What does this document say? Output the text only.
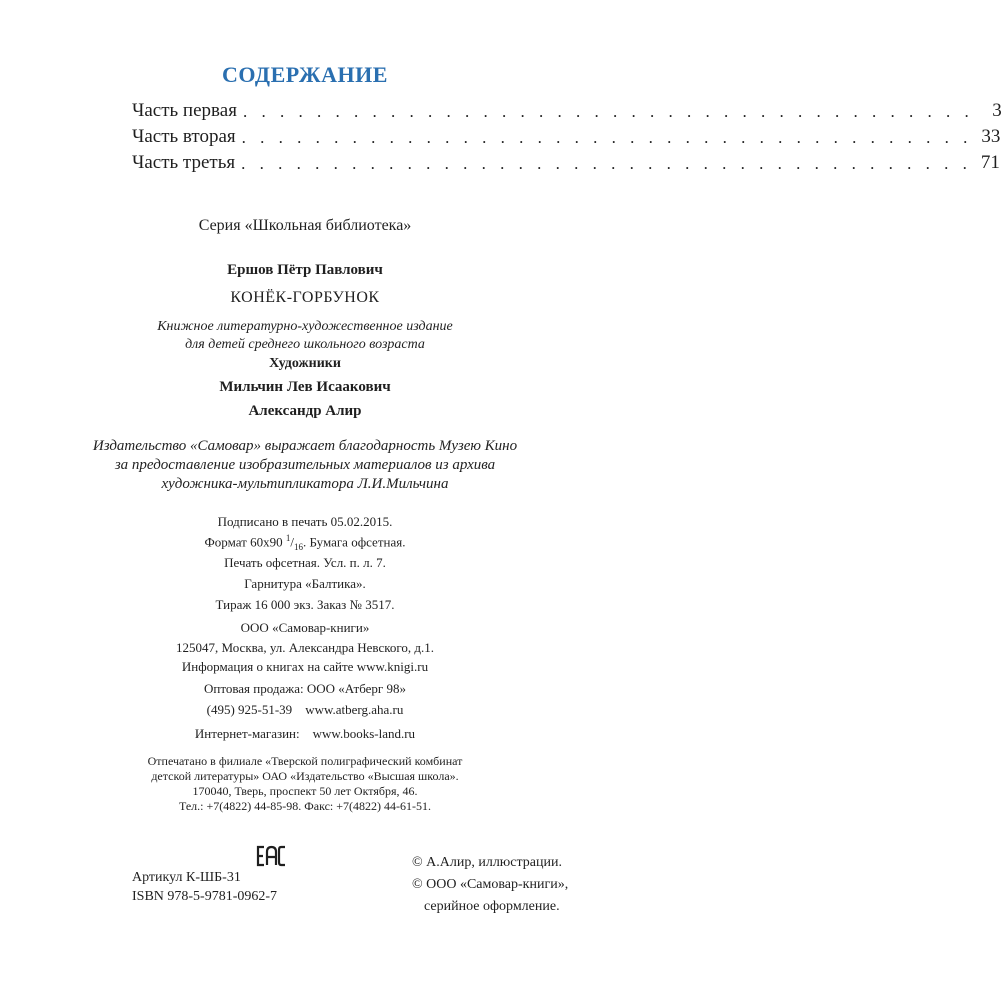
СОДЕРЖАНИЕ
Часть первая . . . . . . . . . . . . . . . . . . . . . . . . . . . . . . . . . . . . . . . . 3
Часть вторая . . . . . . . . . . . . . . . . . . . . . . . . . . . . . . . . . . . . . . . . 33
Часть третья . . . . . . . . . . . . . . . . . . . . . . . . . . . . . . . . . . . . . . . . 71
Серия «Школьная библиотека»
Ершов Пётр Павлович
КОНЁК-ГОРБУНОК
Книжное литературно-художественное издание
для детей среднего школьного возраста
Художники
Мильчин Лев Исаакович
Александр Алир
Издательство «Самовар» выражает благодарность Музею Кино
за предоставление изобразительных материалов из архива
художника-мультипликатора Л.И.Мильчина
Подписано в печать 05.02.2015.
Формат 60х90 $^1/_{16}$. Бумага офсетная.
Печать офсетная. Усл. п. л. 7.
Гарнитура «Балтика».
Тираж 16 000 экз. Заказ № 3517.
ООО «Самовар-книги»
125047, Москва, ул. Александра Невского, д.1.
Информация о книгах на сайте www.knigi.ru
Оптовая продажа: ООО «Атберг 98»
(495) 925-51-39 www.atberg.aha.ru
Интернет-магазин: www.books-land.ru
Отпечатано в филиале «Тверской полиграфический комбинат
детской литературы» ОАО «Издательство «Высшая школа».
170040, Тверь, проспект 50 лет Октября, 46.
Тел.: +7(4822) 44-85-98. Факс: +7(4822) 44-61-51.
Артикул К-ШБ-31
ISBN 978-5-9781-0962-7
© А.Алир, иллюстрации.
© ООО «Самовар-книги»,
серийное оформление.
